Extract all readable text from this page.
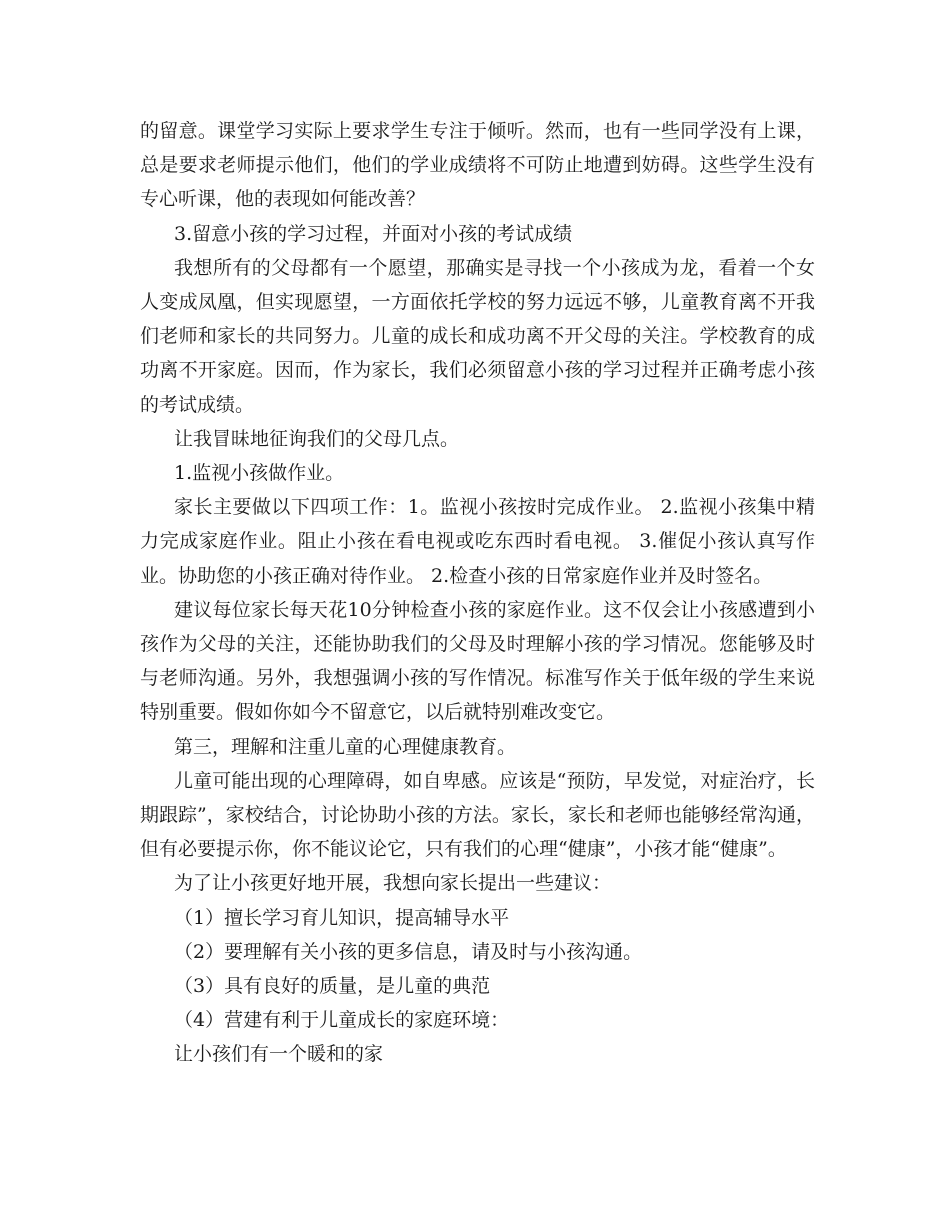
的留意。课堂学习实际上要求学生专注于倾听。然而，也有一些同学没有上课，总是要求老师提示他们，他们的学业成绩将不可防止地遭到妨碍。这些学生没有专心听课，他的表现如何能改善？

3.留意小孩的学习过程，并面对小孩的考试成绩

我想所有的父母都有一个愿望，那确实是寻找一个小孩成为龙，看着一个女人变成凤凰，但实现愿望，一方面依托学校的努力远远不够，儿童教育离不开我们老师和家长的共同努力。儿童的成长和成功离不开父母的关注。学校教育的成功离不开家庭。因而，作为家长，我们必须留意小孩的学习过程并正确考虑小孩的考试成绩。

让我冒昧地征询我们的父母几点。

1.监视小孩做作业。

家长主要做以下四项工作：1。监视小孩按时完成作业。 2.监视小孩集中精力完成家庭作业。阻止小孩在看电视或吃东西时看电视。 3.催促小孩认真写作业。协助您的小孩正确对待作业。 2.检查小孩的日常家庭作业并及时签名。

建议每位家长每天花10分钟检查小孩的家庭作业。这不仅会让小孩感遭到小孩作为父母的关注，还能协助我们的父母及时理解小孩的学习情况。您能够及时与老师沟通。另外，我想强调小孩的写作情况。标准写作关于低年级的学生来说特别重要。假如你如今不留意它，以后就特别难改变它。

第三，理解和注重儿童的心理健康教育。

儿童可能出现的心理障碍，如自卑感。应该是“预防，早发觉，对症治疗，长期跟踪”，家校结合，讨论协助小孩的方法。家长，家长和老师也能够经常沟通，但有必要提示你，你不能议论它，只有我们的心理“健康”，小孩才能“健康”。

为了让小孩更好地开展，我想向家长提出一些建议：

（1）擅长学习育儿知识，提高辅导水平

（2）要理解有关小孩的更多信息，请及时与小孩沟通。

（3）具有良好的质量，是儿童的典范

（4）营建有利于儿童成长的家庭环境：

让小孩们有一个暖和的家
